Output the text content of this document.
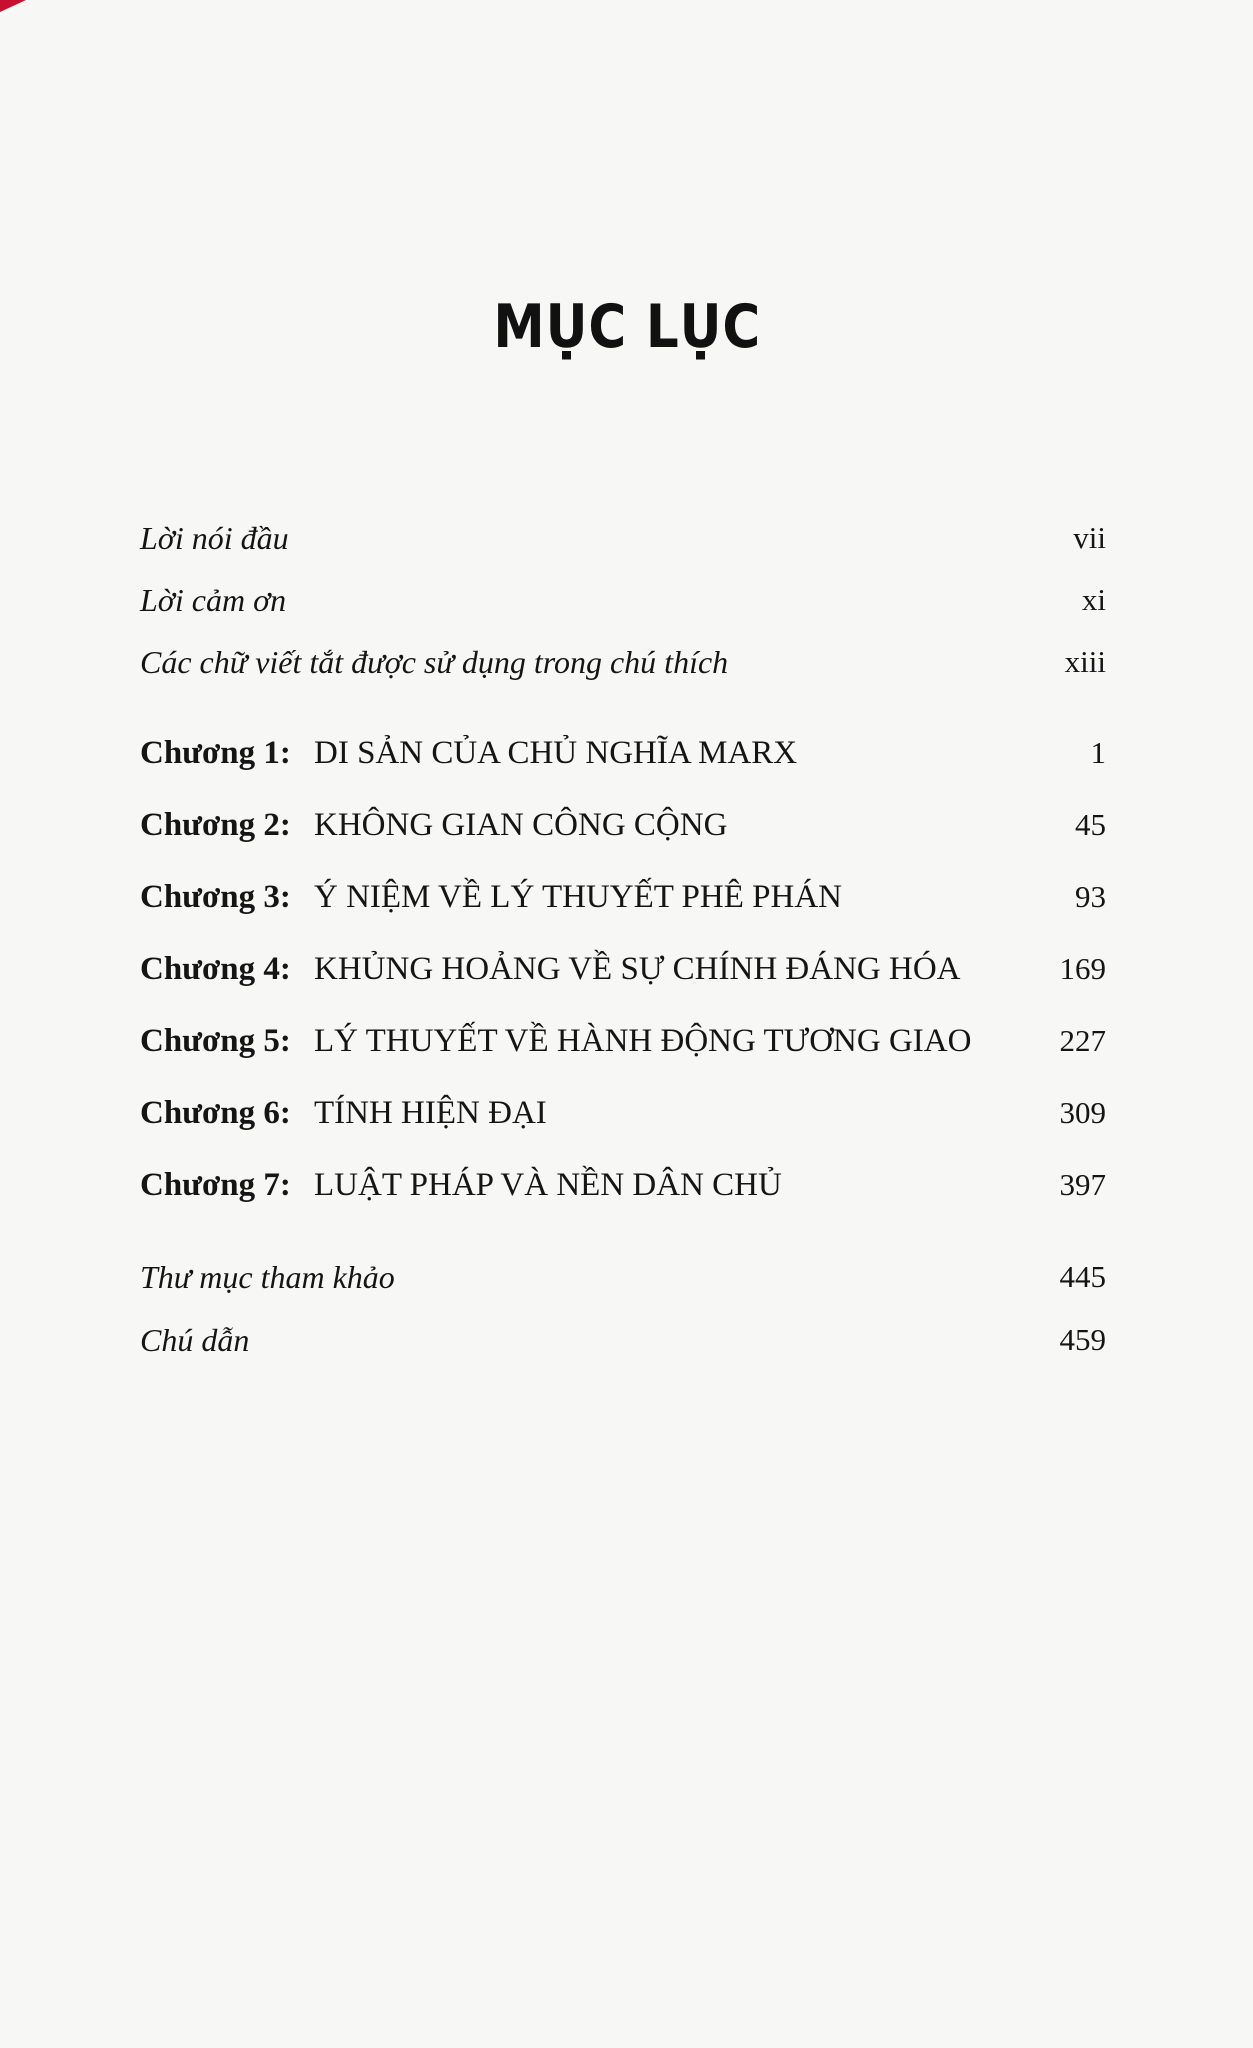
MỤC LỤC
Lời nói đầu	vii
Lời cảm ơn	xi
Các chữ viết tắt được sử dụng trong chú thích	xiii
Chương 1: DI SẢN CỦA CHỦ NGHĨA MARX	1
Chương 2: KHÔNG GIAN CÔNG CỘNG	45
Chương 3: Ý NIỆM VỀ LÝ THUYẾT PHÊ PHÁN	93
Chương 4: KHỦNG HOẢNG VỀ SỰ CHÍNH ĐÁNG HÓA	169
Chương 5: LÝ THUYẾT VỀ HÀNH ĐỘNG TƯƠNG GIAO	227
Chương 6: TÍNH HIỆN ĐẠI	309
Chương 7: LUẬT PHÁP VÀ NỀN DÂN CHỦ	397
Thư mục tham khảo	445
Chú dẫn	459
